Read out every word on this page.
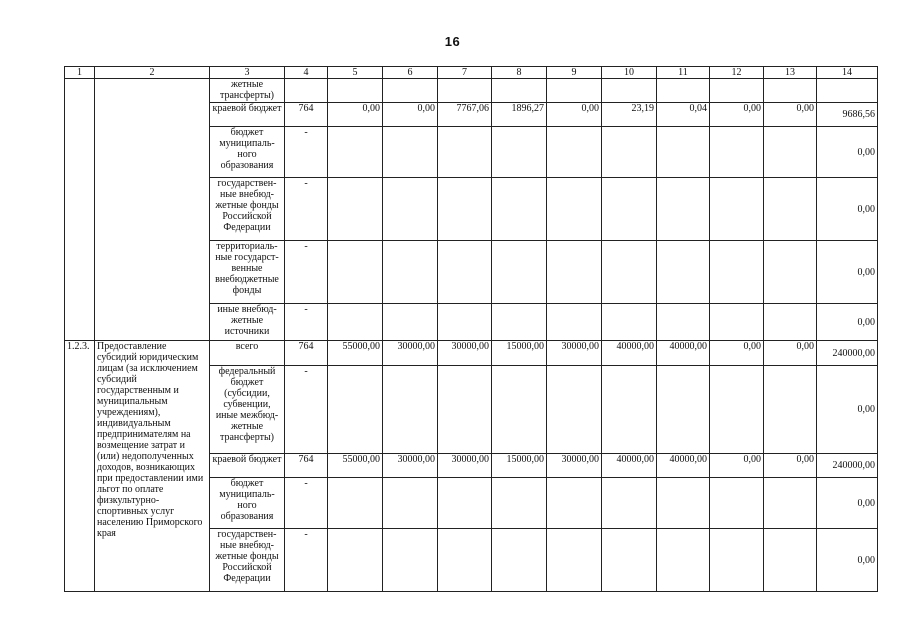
16
1	2	3	4	5	6	7	8	9	10	11	12	13	14
		жетные трансферты)											
		краевой бюджет	764	0,00	0,00	7767,06	1896,27	0,00	23,19	0,04	0,00	0,00	9686,56
		бюджет муниципаль-ного образования	-										0,00
		государствен-ные внебюд-жетные фонды Российской Федерации	-										0,00
		территориаль-ные государст-венные внебюджетные фонды	-										0,00
		иные внебюд-жетные источники	-										0,00
1.2.3.	Предоставление субсидий юридическим лицам (за исключением субсидий государственным и муниципальным учреждениям), индивидуальным предпринимателям на возмещение затрат и (или) недополученных доходов, возникающих при предоставлении ими льгот по оплате физкультурно-спортивных услуг населению Приморского края	всего	764	55000,00	30000,00	30000,00	15000,00	30000,00	40000,00	40000,00	0,00	0,00	240000,00
		федеральный бюджет (субсидии, субвенции, иные межбюд-жетные трансферты)	-										0,00
		краевой бюджет	764	55000,00	30000,00	30000,00	15000,00	30000,00	40000,00	40000,00	0,00	0,00	240000,00
		бюджет муниципаль-ного образования	-										0,00
		государствен-ные внебюд-жетные фонды Российской Федерации	-										0,00
